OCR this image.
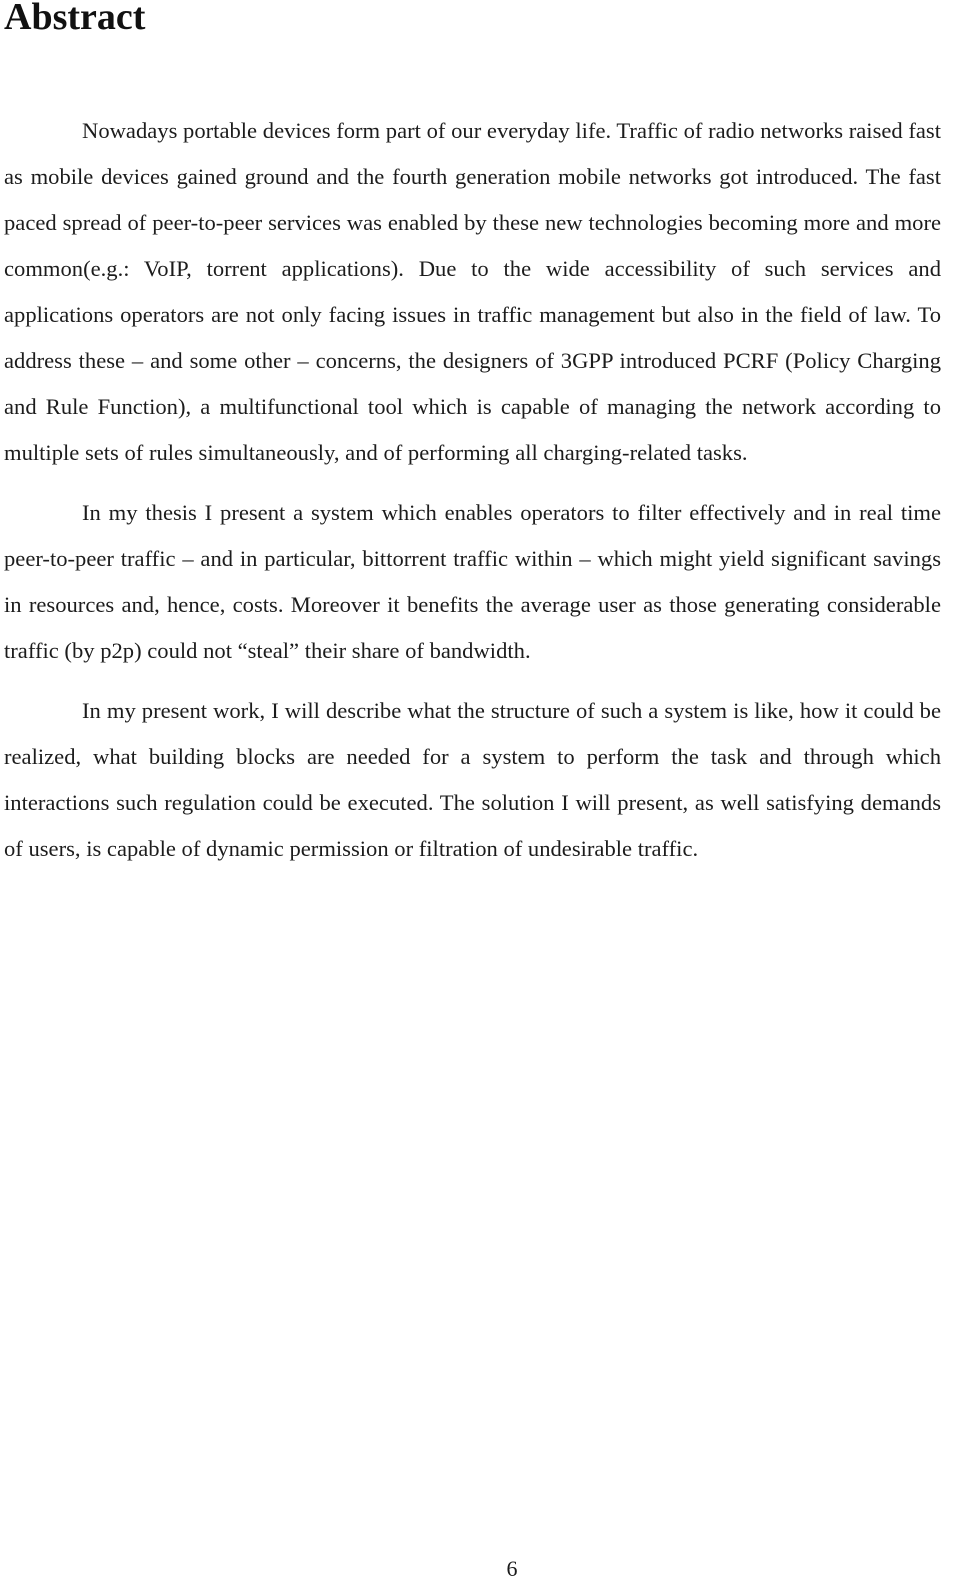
Abstract

Nowadays portable devices form part of our everyday life. Traffic of radio networks raised fast as mobile devices gained ground and the fourth generation mobile networks got introduced. The fast paced spread of peer-to-peer services was enabled by these new technologies becoming more and more common(e.g.: VoIP, torrent applications). Due to the wide accessibility of such services and applications operators are not only facing issues in traffic management but also in the field of law. To address these – and some other – concerns, the designers of 3GPP introduced PCRF (Policy Charging and Rule Function), a multifunctional tool which is capable of managing the network according to multiple sets of rules simultaneously, and of performing all charging-related tasks.

In my thesis I present a system which enables operators to filter effectively and in real time peer-to-peer traffic – and in particular, bittorrent traffic within – which might yield significant savings in resources and, hence, costs. Moreover it benefits the average user as those generating considerable traffic (by p2p) could not “steal” their share of bandwidth.

In my present work, I will describe what the structure of such a system is like, how it could be realized, what building blocks are needed for a system to perform the task and through which interactions such regulation could be executed. The solution I will present, as well satisfying demands of users, is capable of dynamic permission or filtration of undesirable traffic.

6
